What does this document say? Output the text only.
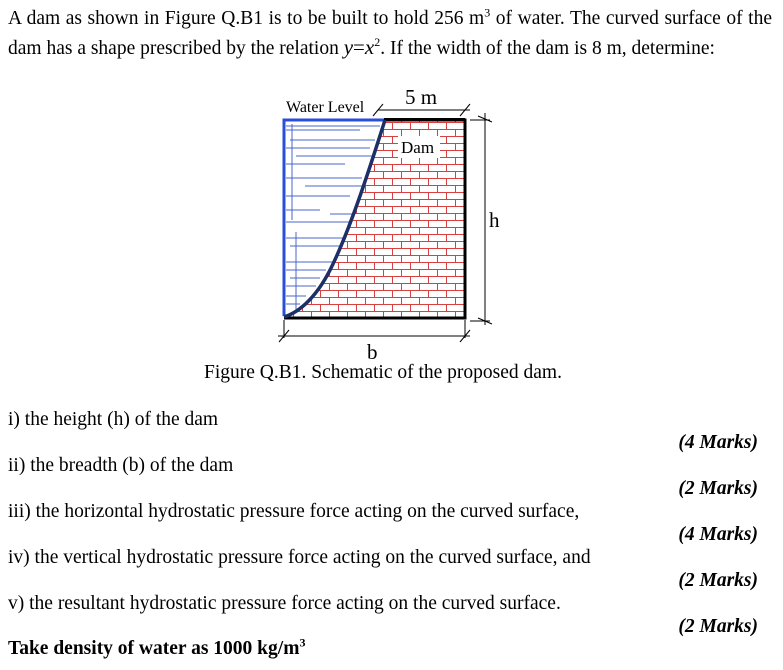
A dam as shown in Figure Q.B1 is to be built to hold 256 $m^3$ of water. The curved surface of the dam has a shape prescribed by the relation $y=x^2$. If the width of the dam is 8 m, determine:
Dam
Water Level 5 m
h
b
Figure Q.B1. Schematic of the proposed dam.
i) the height (h) of the dam
(4 Marks)
ii) the breadth (b) of the dam
(2 Marks)
iii) the horizontal hydrostatic pressure force acting on the curved surface,
(4 Marks)
iv) the vertical hydrostatic pressure force acting on the curved surface, and
(2 Marks)
v) the resultant hydrostatic pressure force acting on the curved surface.
(2 Marks)
Take density of water as 1000 $kg/m^3$
